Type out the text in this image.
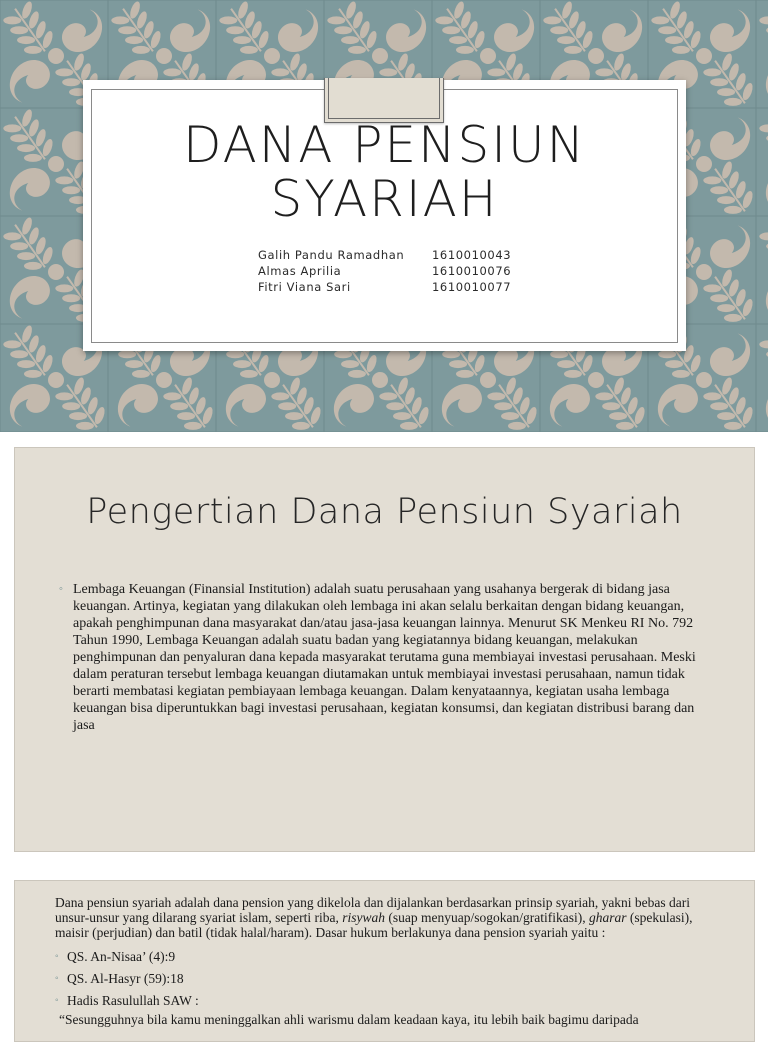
DANA PENSIUN SYARIAH
Galih Pandu Ramadhan	1610010043
Almas Aprilia	1610010076
Fitri Viana Sari	1610010077
Pengertian Dana Pensiun Syariah
◦ Lembaga Keuangan (Finansial Institution) adalah suatu perusahaan yang usahanya bergerak di bidang jasa keuangan. Artinya, kegiatan yang dilakukan oleh lembaga ini akan selalu berkaitan dengan bidang keuangan, apakah penghimpunan dana masyarakat dan/atau jasa-jasa keuangan lainnya. Menurut SK Menkeu RI No. 792 Tahun 1990, Lembaga Keuangan adalah suatu badan yang kegiatannya bidang keuangan, melakukan penghimpunan dan penyaluran dana kepada masyarakat terutama guna membiayai investasi perusahaan. Meski dalam peraturan tersebut lembaga keuangan diutamakan untuk membiayai investasi perusahaan, namun tidak berarti membatasi kegiatan pembiayaan lembaga keuangan. Dalam kenyataannya, kegiatan usaha lembaga keuangan bisa diperuntukkan bagi investasi perusahaan, kegiatan konsumsi, dan kegiatan distribusi barang dan jasa
Dana pensiun syariah adalah dana pension yang dikelola dan dijalankan berdasarkan prinsip syariah, yakni bebas dari unsur-unsur yang dilarang syariat islam, seperti riba, risywah (suap menyuap/sogokan/gratifikasi), gharar (spekulasi), maisir (perjudian) dan batil (tidak halal/haram). Dasar hukum berlakunya dana pension syariah yaitu :
◦ QS. An-Nisaa’ (4):9
◦ QS. Al-Hasyr (59):18
◦ Hadis Rasulullah SAW :
“Sesungguhnya bila kamu meninggalkan ahli warismu dalam keadaan kaya, itu lebih baik bagimu daripada
